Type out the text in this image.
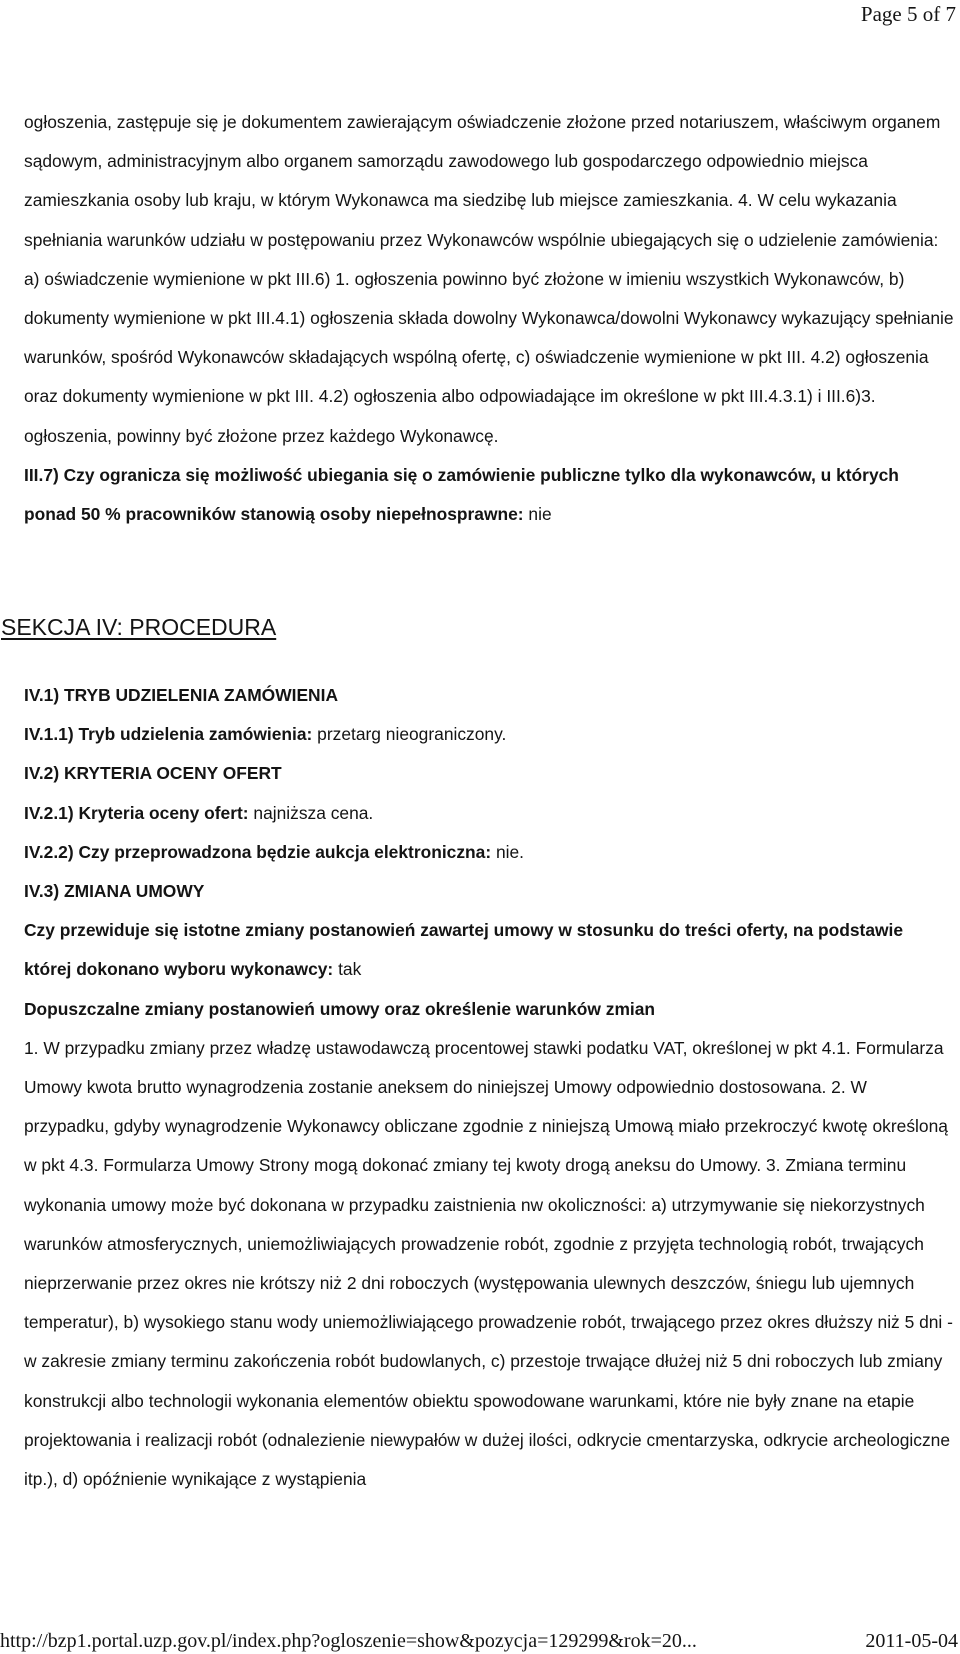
Page 5 of 7

ogłoszenia, zastępuje się je dokumentem zawierającym oświadczenie złożone przed notariuszem, właściwym organem sądowym, administracyjnym albo organem samorządu zawodowego lub gospodarczego odpowiednio miejsca zamieszkania osoby lub kraju, w którym Wykonawca ma siedzibę lub miejsce zamieszkania. 4. W celu wykazania spełniania warunków udziału w postępowaniu przez Wykonawców wspólnie ubiegających się o udzielenie zamówienia: a) oświadczenie wymienione w pkt III.6) 1. ogłoszenia powinno być złożone w imieniu wszystkich Wykonawców, b) dokumenty wymienione w pkt III.4.1) ogłoszenia składa dowolny Wykonawca/dowolni Wykonawcy wykazujący spełnianie warunków, spośród Wykonawców składających wspólną ofertę, c) oświadczenie wymienione w pkt III. 4.2) ogłoszenia oraz dokumenty wymienione w pkt III. 4.2) ogłoszenia albo odpowiadające im określone w pkt III.4.3.1) i III.6)3. ogłoszenia, powinny być złożone przez każdego Wykonawcę.

III.7) Czy ogranicza się możliwość ubiegania się o zamówienie publiczne tylko dla wykonawców, u których ponad 50 % pracowników stanowią osoby niepełnosprawne: nie

SEKCJA IV: PROCEDURA

IV.1) TRYB UDZIELENIA ZAMÓWIENIA

IV.1.1) Tryb udzielenia zamówienia: przetarg nieograniczony.

IV.2) KRYTERIA OCENY OFERT

IV.2.1) Kryteria oceny ofert: najniższa cena.

IV.2.2) Czy przeprowadzona będzie aukcja elektroniczna: nie.

IV.3) ZMIANA UMOWY

Czy przewiduje się istotne zmiany postanowień zawartej umowy w stosunku do treści oferty, na podstawie której dokonano wyboru wykonawcy: tak

Dopuszczalne zmiany postanowień umowy oraz określenie warunków zmian

1. W przypadku zmiany przez władzę ustawodawczą procentowej stawki podatku VAT, określonej w pkt 4.1. Formularza Umowy kwota brutto wynagrodzenia zostanie aneksem do niniejszej Umowy odpowiednio dostosowana. 2. W przypadku, gdyby wynagrodzenie Wykonawcy obliczane zgodnie z niniejszą Umową miało przekroczyć kwotę określoną w pkt 4.3. Formularza Umowy Strony mogą dokonać zmiany tej kwoty drogą aneksu do Umowy. 3. Zmiana terminu wykonania umowy może być dokonana w przypadku zaistnienia nw okoliczności: a) utrzymywanie się niekorzystnych warunków atmosferycznych, uniemożliwiających prowadzenie robót, zgodnie z przyjęta technologią robót, trwających nieprzerwanie przez okres nie krótszy niż 2 dni roboczych (występowania ulewnych deszczów, śniegu lub ujemnych temperatur), b) wysokiego stanu wody uniemożliwiającego prowadzenie robót, trwającego przez okres dłuższy niż 5 dni - w zakresie zmiany terminu zakończenia robót budowlanych, c) przestoje trwające dłużej niż 5 dni roboczych lub zmiany konstrukcji albo technologii wykonania elementów obiektu spowodowane warunkami, które nie były znane na etapie projektowania i realizacji robót (odnalezienie niewypałów w dużej ilości, odkrycie cmentarzyska, odkrycie archeologiczne itp.), d) opóźnienie wynikające z wystąpienia

http://bzp1.portal.uzp.gov.pl/index.php?ogloszenie=show&pozycja=129299&rok=20...	2011-05-04
